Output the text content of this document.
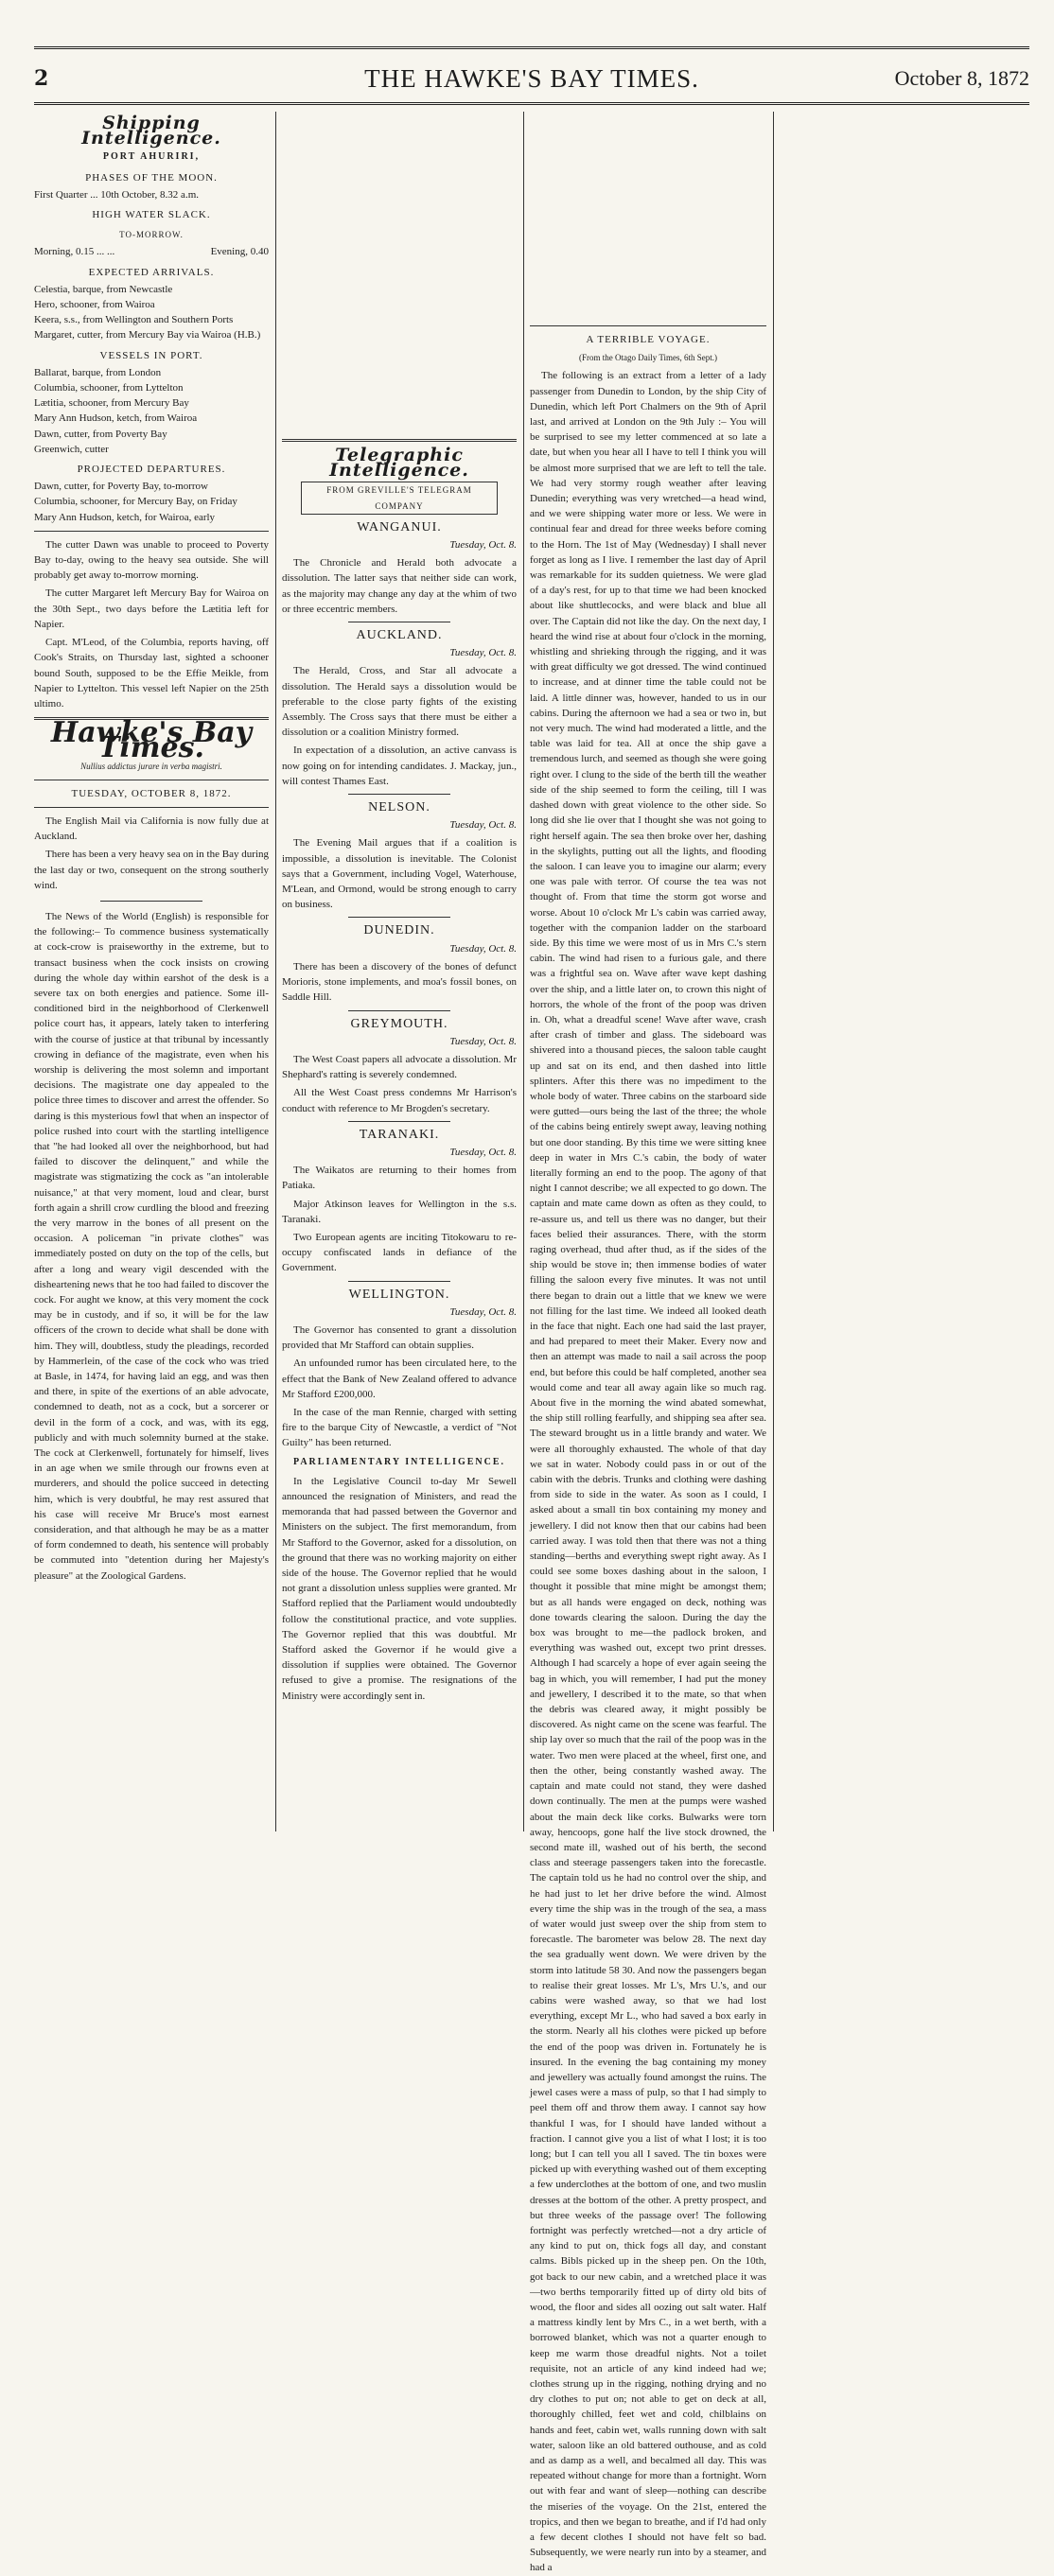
2	THE HAWKE'S BAY TIMES.	October 8, 1872
Shipping Intelligence.
PORT AHURIRI,
PHASES OF THE MOON.
First Quarter ... 10th October, 8.32 a.m.
HIGH WATER SLACK.
TO-MORROW.
Morning, 0.15 ... ...	Evening, 0.40
EXPECTED ARRIVALS.
Celestia, barque, from Newcastle
Hero, schooner, from Wairoa
Keera, s.s., from Wellington and Southern Ports
Margaret, cutter, from Mercury Bay via Wairoa (H.B.)
VESSELS IN PORT.
Ballarat, barque, from London
Columbia, schooner, from Lyttelton
Lætitia, schooner, from Mercury Bay
Mary Ann Hudson, ketch, from Wairoa
Dawn, cutter, from Poverty Bay
Greenwich, cutter
PROJECTED DEPARTURES.
Dawn, cutter, for Poverty Bay, to-morrow
Columbia, schooner, for Mercury Bay, on Friday
Mary Ann Hudson, ketch, for Wairoa, early

The cutter Dawn was unable to proceed to Poverty Bay to-day, owing to the heavy sea outside. She will probably get away to-morrow morning.

The cutter Margaret left Mercury Bay for Wairoa on the 30th Sept., two days before the Lætitia left for Napier.

Capt. M'Leod, of the Columbia, reports having, off Cook's Straits, on Thursday last, sighted a schooner bound South, supposed to be the Effie Meikle, from Napier to Lyttelton. This vessel left Napier on the 25th ultimo.

Hawke's Bay Times.
Nullius addictus jurare in verba magistri.
TUESDAY, OCTOBER 8, 1872.

The English Mail via California is now fully due at Auckland.

There has been a very heavy sea on in the Bay during the last day or two, consequent on the strong southerly wind.

The News of the World (English) is responsible for the following:– To commence business systematically at cock-crow is praiseworthy in the extreme, but to transact business when the cock insists on crowing during the whole day within earshot of the desk is a severe tax on both energies and patience. Some ill-conditioned bird in the neighborhood of Clerkenwell police court has, it appears, lately taken to interfering with the course of justice at that tribunal by incessantly crowing in defiance of the magistrate, even when his worship is delivering the most solemn and important decisions. The magistrate one day appealed to the police three times to discover and arrest the offender. So daring is this mysterious fowl that when an inspector of police rushed into court with the startling intelligence that "he had looked all over the neighborhood, but had failed to discover the delinquent," and while the magistrate was stigmatizing the cock as "an intolerable nuisance," at that very moment, loud and clear, burst forth again a shrill crow curdling the blood and freezing the very marrow in the bones of all present on the occasion. A policeman "in private clothes" was immediately posted on duty on the top of the cells, but after a long and weary vigil descended with the disheartening news that he too had failed to discover the cock. For aught we know, at this very moment the cock may be in custody, and if so, it will be for the law officers of the crown to decide what shall be done with him. They will, doubtless, study the pleadings, recorded by Hammerlein, of the case of the cock who was tried at Basle, in 1474, for having laid an egg, and was then and there, in spite of the exertions of an able advocate, condemned to death, not as a cock, but a sorcerer or devil in the form of a cock, and was, with its egg, publicly and with much solemnity burned at the stake. The cock at Clerkenwell, fortunately for himself, lives in an age when we smile through our frowns even at murderers, and should the police succeed in detecting him, which is very doubtful, he may rest assured that his case will receive Mr Bruce's most earnest consideration, and that although he may be as a matter of form condemned to death, his sentence will probably be commuted into "detention during her Majesty's pleasure" at the Zoological Gardens.

Telegraphic Intelligence.
FROM GREVILLE'S TELEGRAM COMPANY
WANGANUI.
Tuesday, Oct. 8.

The Chronicle and Herald both advocate a dissolution. The latter says that neither side can work, as the majority may change any day at the whim of two or three eccentric members.

AUCKLAND.
Tuesday, Oct. 8.

The Herald, Cross, and Star all advocate a dissolution. The Herald says a dissolution would be preferable to the close party fights of the existing Assembly. The Cross says that there must be either a dissolution or a coalition Ministry formed.

In expectation of a dissolution, an active canvass is now going on for intending candidates. J. Mackay, jun., will contest Thames East.

NELSON.
Tuesday, Oct. 8.

The Evening Mail argues that if a coalition is impossible, a dissolution is inevitable. The Colonist says that a Government, including Vogel, Waterhouse, M'Lean, and Ormond, would be strong enough to carry on business.

DUNEDIN.
Tuesday, Oct. 8.

There has been a discovery of the bones of defunct Morioris, stone implements, and moa's fossil bones, on Saddle Hill.

GREYMOUTH.
Tuesday, Oct. 8.

The West Coast papers all advocate a dissolution. Mr Shephard's ratting is severely condemned.

All the West Coast press condemns Mr Harrison's conduct with reference to Mr Brogden's secretary.

TARANAKI.
Tuesday, Oct. 8.

The Waikatos are returning to their homes from Patiaka.

Major Atkinson leaves for Wellington in the s.s. Taranaki.

Two European agents are inciting Titokowaru to re-occupy confiscated lands in defiance of the Government.

WELLINGTON.
Tuesday, Oct. 8.

The Governor has consented to grant a dissolution provided that Mr Stafford can obtain supplies.

An unfounded rumor has been circulated here, to the effect that the Bank of New Zealand offered to advance Mr Stafford £200,000.

In the case of the man Rennie, charged with setting fire to the barque City of Newcastle, a verdict of "Not Guilty" has been returned.

PARLIAMENTARY INTELLIGENCE.

In the Legislative Council to-day Mr Sewell announced the resignation of Ministers, and read the memoranda that had passed between the Governor and Ministers on the subject. The first memorandum, from Mr Stafford to the Governor, asked for a dissolution, on the ground that there was no working majority on either side of the house. The Governor replied that he would not grant a dissolution unless supplies were granted. Mr Stafford replied that the Parliament would undoubtedly follow the constitutional practice, and vote supplies. The Governor replied that this was doubtful. Mr Stafford asked the Governor if he would give a dissolution if supplies were obtained. The Governor refused to give a promise. The resignations of the Ministry were accordingly sent in.

A TERRIBLE VOYAGE.
(From the Otago Daily Times, 6th Sept.)

The following is an extract from a letter of a lady passenger from Dunedin to London, by the ship City of Dunedin, which left Port Chalmers on the 9th of April last, and arrived at London on the 9th July :– You will be surprised to see my letter commenced at so late a date, but when you hear all I have to tell I think you will be almost more surprised that we are left to tell the tale. We had very stormy rough weather after leaving Dunedin; everything was very wretched—a head wind, and we were shipping water more or less. We were in continual fear and dread for three weeks before coming to the Horn. The 1st of May (Wednesday) I shall never forget as long as I live. I remember the last day of April was remarkable for its sudden quietness. We were glad of a day's rest, for up to that time we had been knocked about like shuttlecocks, and were black and blue all over. The Captain did not like the day. On the next day, I heard the wind rise at about four o'clock in the morning, whistling and shrieking through the rigging, and it was with great difficulty we got dressed. The wind continued to increase, and at dinner time the table could not be laid. A little dinner was, however, handed to us in our cabins. During the afternoon we had a sea or two in, but not very much. The wind had moderated a little, and the table was laid for tea. All at once the ship gave a tremendous lurch, and seemed as though she were going right over. I clung to the side of the berth till the weather side of the ship seemed to form the ceiling, till I was dashed down with great violence to the other side. So long did she lie over that I thought she was not going to right herself again. The sea then broke over her, dashing in the skylights, putting out all the lights, and flooding the saloon. I can leave you to imagine our alarm; every one was pale with terror. Of course the tea was not thought of. From that time the storm got worse and worse. About 10 o'clock Mr L's cabin was carried away, together with the companion ladder on the starboard side. By this time we were most of us in Mrs C.'s stern cabin. The wind had risen to a furious gale, and there was a frightful sea on. Wave after wave kept dashing over the ship, and a little later on, to crown this night of horrors, the whole of the front of the poop was driven in. Oh, what a dreadful scene! Wave after wave, crash after crash of timber and glass. The sideboard was shivered into a thousand pieces, the saloon table caught up and sat on its end, and then dashed into little splinters. After this there was no impediment to the whole body of water. Three cabins on the starboard side were gutted—ours being the last of the three; the whole of the cabins being entirely swept away, leaving nothing but one door standing. By this time we were sitting knee deep in water in Mrs C.'s cabin, the body of water literally forming an end to the poop. The agony of that night I cannot describe; we all expected to go down. The captain and mate came down as often as they could, to re-assure us, and tell us there was no danger, but their faces belied their assurances. There, with the storm raging overhead, thud after thud, as if the sides of the ship would be stove in; then immense bodies of water filling the saloon every five minutes. It was not until there began to drain out a little that we knew we were not filling for the last time. We indeed all looked death in the face that night. Each one had said the last prayer, and had prepared to meet their Maker. Every now and then an attempt was made to nail a sail across the poop end, but before this could be half completed, another sea would come and tear all away again like so much rag. About five in the morning the wind abated somewhat, the ship still rolling fearfully, and shipping sea after sea. The steward brought us in a little brandy and water. We were all thoroughly exhausted. The whole of that day we sat in water. Nobody could pass in or out of the cabin with the debris. Trunks and clothing were dashing from side to side in the water. As soon as I could, I asked about a small tin box containing my money and jewellery. I did not know then that our cabins had been carried away. I was told then that there was not a thing standing—berths and everything swept right away. As I could see some boxes dashing about in the saloon, I thought it possible that mine might be amongst them; but as all hands were engaged on deck, nothing was done towards clearing the saloon. During the day the box was brought to me—the padlock broken, and everything was washed out, except two print dresses. Although I had scarcely a hope of ever again seeing the bag in which, you will remember, I had put the money and jewellery, I described it to the mate, so that when the debris was cleared away, it might possibly be discovered. As night came on the scene was fearful. The ship lay over so much that the rail of the poop was in the water. Two men were placed at the wheel, first one, and then the other, being constantly washed away. The captain and mate could not stand, they were dashed down continually. The men at the pumps were washed about the main deck like corks. Bulwarks were torn away, hencoops, gone half the live stock drowned, the second mate ill, washed out of his berth, the second class and steerage passengers taken into the forecastle. The captain told us he had no control over the ship, and he had just to let her drive before the wind. Almost every time the ship was in the trough of the sea, a mass of water would just sweep over the ship from stem to forecastle. The barometer was below 28. The next day the sea gradually went down. We were driven by the storm into latitude 58 30. And now the passengers began to realise their great losses. Mr L's, Mrs U.'s, and our cabins were washed away, so that we had lost everything, except Mr L., who had saved a box early in the storm. Nearly all his clothes were picked up before the end of the poop was driven in. Fortunately he is insured. In the evening the bag containing my money and jewellery was actually found amongst the ruins. The jewel cases were a mass of pulp, so that I had simply to peel them off and throw them away. I cannot say how thankful I was, for I should have landed without a fraction. I cannot give you a list of what I lost; it is too long; but I can tell you all I saved. The tin boxes were picked up with everything washed out of them excepting a few underclothes at the bottom of one, and two muslin dresses at the bottom of the other. A pretty prospect, and but three weeks of the passage over! The following fortnight was perfectly wretched—not a dry article of any kind to put on, thick fogs all day, and constant calms. Bibls picked up in the sheep pen. On the 10th, got back to our new cabin, and a wretched place it was—two berths temporarily fitted up of dirty old bits of wood, the floor and sides all oozing out salt water. Half a mattress kindly lent by Mrs C., in a wet berth, with a borrowed blanket, which was not a quarter enough to keep me warm those dreadful nights. Not a toilet requisite, not an article of any kind indeed had we; clothes strung up in the rigging, nothing drying and no dry clothes to put on; not able to get on deck at all, thoroughly chilled, feet wet and cold, chilblains on hands and feet, cabin wet, walls running down with salt water, saloon like an old battered outhouse, and as cold and as damp as a well, and becalmed all day. This was repeated without change for more than a fortnight. Worn out with fear and want of sleep—nothing can describe the miseries of the voyage. On the 21st, entered the tropics, and then we began to breathe, and if I'd had only a few decent clothes I should not have felt so bad. Subsequently, we were nearly run into by a steamer, and had a
